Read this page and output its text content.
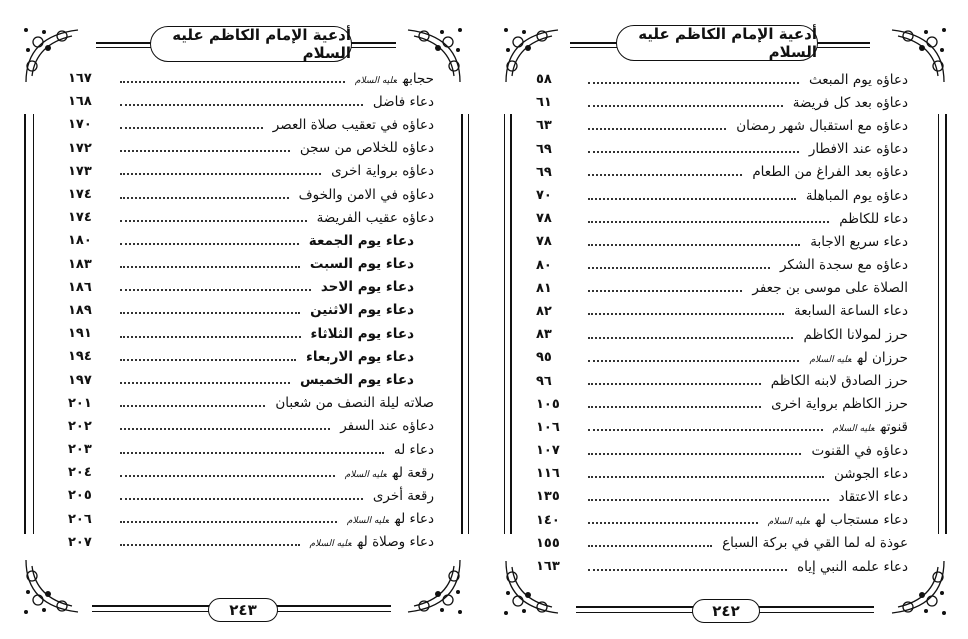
أدعية الإمام الكاظم عليه السلام
٢٤٣
حجابهعليه السلام
١٦٧
دعاء فاضل
١٦٨
دعاؤه في تعقيب صلاة العصر
١٧٠
دعاؤه للخلاص من سجن
١٧٢
دعاؤه برواية اخرى
١٧٣
دعاؤه في الامن والخوف
١٧٤
دعاؤه عقيب الفريضة
١٧٤
دعاء يوم الجمعة
١٨٠
دعاء يوم السبت
١٨٣
دعاء يوم الاحد
١٨٦
دعاء يوم الاثنين
١٨٩
دعاء يوم الثلاثاء
١٩١
دعاء يوم الاربعاء
١٩٤
دعاء يوم الخميس
١٩٧
صلاته ليلة النصف من شعبان
٢٠١
دعاؤه عند السفر
٢٠٢
دعاء له
٢٠٣
رقعة لهعليه السلام
٢٠٤
رقعة أخرى
٢٠٥
دعاء لهعليه السلام
٢٠٦
دعاء وصلاة لهعليه السلام
٢٠٧
أدعية الإمام الكاظم عليه السلام
٢٤٢
دعاؤه يوم المبعث
٥٨
دعاؤه بعد كل فريضة
٦١
دعاؤه مع استقبال شهر رمضان
٦٣
دعاؤه عند الافطار
٦٩
دعاؤه بعد الفراغ من الطعام
٦٩
دعاؤه يوم المباهلة
٧٠
دعاء للكاظم
٧٨
دعاء سريع الاجابة
٧٨
دعاؤه مع سجدة الشكر
٨٠
الصلاة على موسى بن جعفر
٨١
دعاء الساعة السابعة
٨٢
حرز لمولانا الكاظم
٨٣
حرزان لهعليه السلام
٩٥
حرز الصادق لابنه الكاظم
٩٦
حرز الكاظم برواية اخرى
١٠٥
قنوتهعليه السلام
١٠٦
دعاؤه في القنوت
١٠٧
دعاء الجوشن
١١٦
دعاء الاعتقاد
١٣٥
دعاء مستجاب لهعليه السلام
١٤٠
عوذة له لما القي في بركة السباع
١٥٥
دعاء علمه النبي إياه
١٦٣
